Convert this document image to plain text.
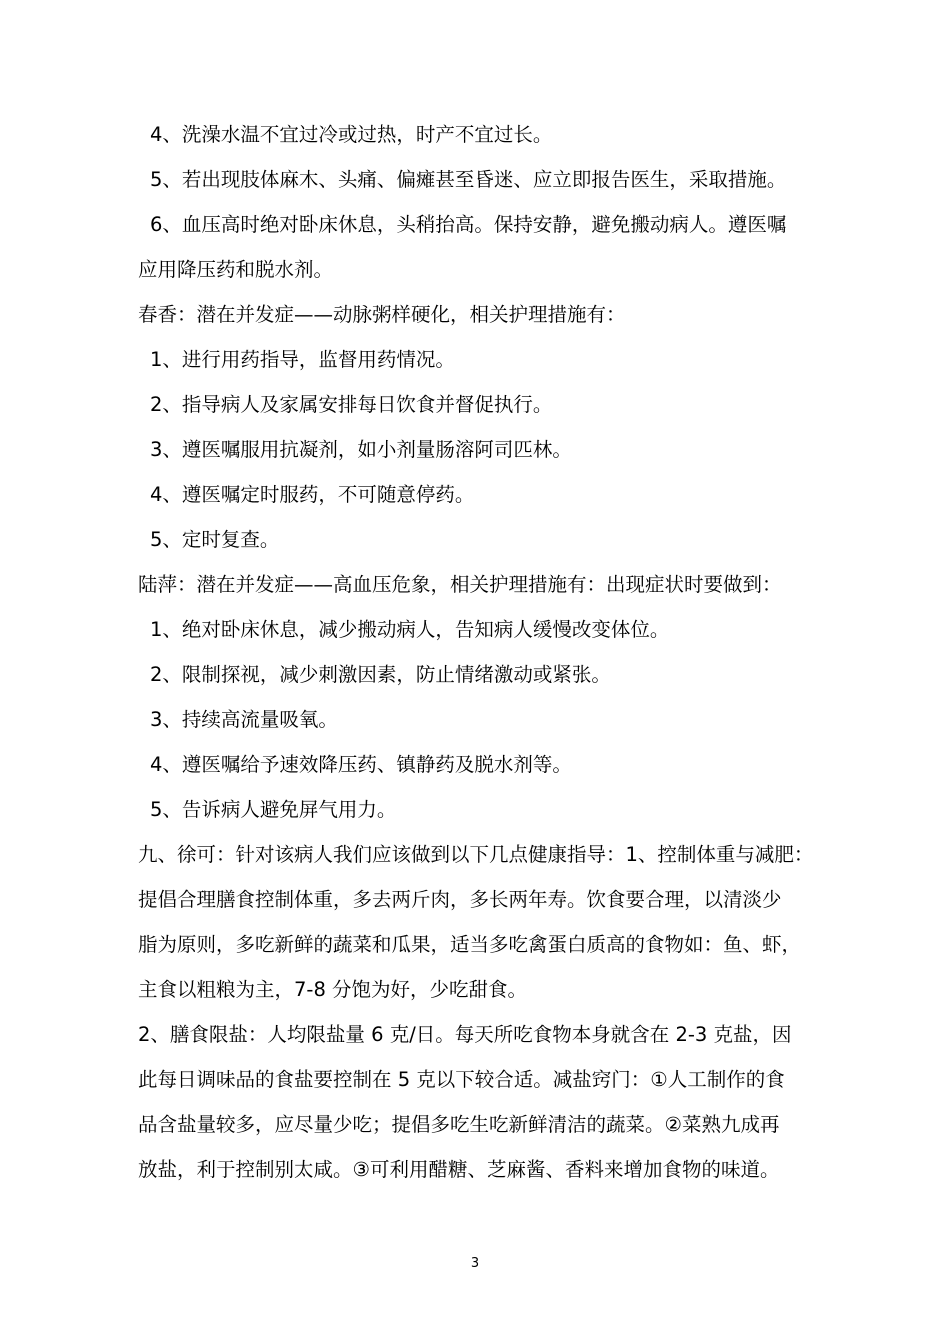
4、洗澡水温不宜过冷或过热，时产不宜过长。
5、若出现肢体麻木、头痛、偏瘫甚至昏迷、应立即报告医生，采取措施。
6、血压高时绝对卧床休息，头稍抬高。保持安静，避免搬动病人。遵医嘱
应用降压药和脱水剂。
春香：潜在并发症——动脉粥样硬化，相关护理措施有：
1、进行用药指导，监督用药情况。
2、指导病人及家属安排每日饮食并督促执行。
3、遵医嘱服用抗凝剂，如小剂量肠溶阿司匹林。
4、遵医嘱定时服药，不可随意停药。
5、定时复查。
陆萍：潜在并发症——高血压危象，相关护理措施有：出现症状时要做到：
1、绝对卧床休息，减少搬动病人，告知病人缓慢改变体位。
2、限制探视，减少刺激因素，防止情绪激动或紧张。
3、持续高流量吸氧。
4、遵医嘱给予速效降压药、镇静药及脱水剂等。
5、告诉病人避免屏气用力。
九、徐可：针对该病人我们应该做到以下几点健康指导：1、控制体重与减肥：
提倡合理膳食控制体重，多去两斤肉，多长两年寿。饮食要合理，以清淡少
脂为原则，多吃新鲜的蔬菜和瓜果，适当多吃禽蛋白质高的食物如：鱼、虾，
主食以粗粮为主，7-8 分饱为好，少吃甜食。
2、膳食限盐：人均限盐量 6 克/日。每天所吃食物本身就含在 2-3 克盐，因
此每日调味品的食盐要控制在 5 克以下较合适。减盐窍门：①人工制作的食
品含盐量较多，应尽量少吃；提倡多吃生吃新鲜清洁的蔬菜。②菜熟九成再
放盐，利于控制别太咸。③可利用醋糖、芝麻酱、香料来增加食物的味道。
3
